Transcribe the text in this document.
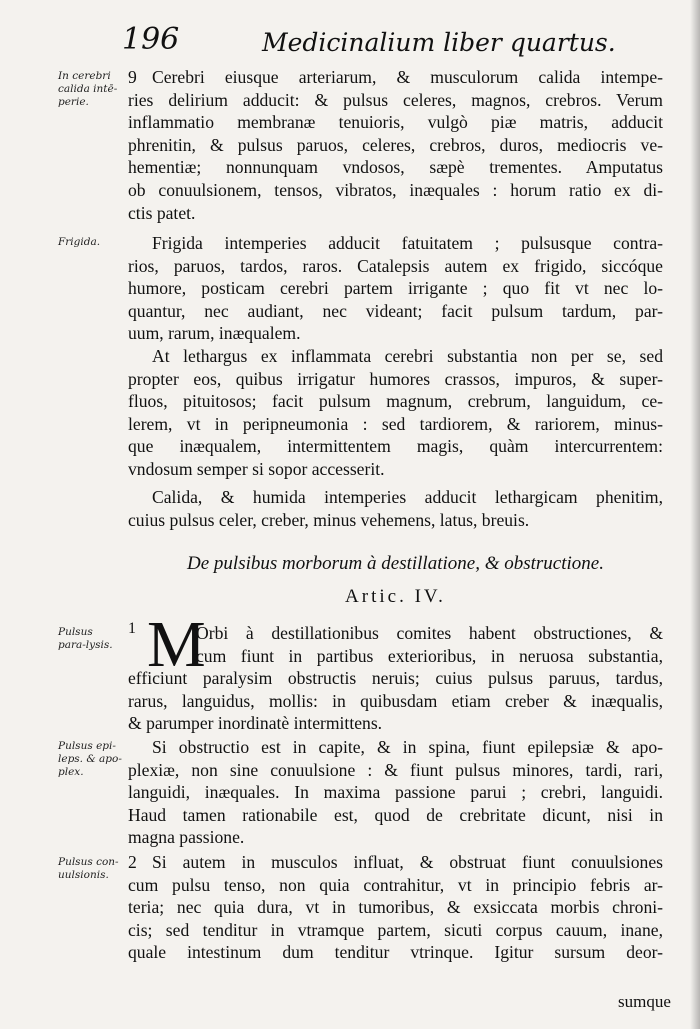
196	Medicinalium liber quartus.
In cerebri calida intē-perie.
Frigida.
Pulsus para-lysis.
Pulsus epi-leps. & apo-plex.
Pulsus con-uulsionis.
9 Cerebri eiusque arteriarum, & musculorum calida intempe-
ries delirium adducit: & pulsus celeres, magnos, crebros. Verum
inflammatio membranæ tenuioris, vulgò piæ matris, adducit
phrenitin, & pulsus paruos, celeres, crebros, duros, mediocris ve-
hementiæ; nonnunquam vndosos, sæpè trementes. Amputatus
ob conuulsionem, tensos, vibratos, inæquales : horum ratio ex di-
ctis patet.
Frigida intemperies adducit fatuitatem ; pulsusque contra-
rios, paruos, tardos, raros. Catalepsis autem ex frigido, siccóque
humore, posticam cerebri partem irrigante ; quo fit vt nec lo-
quantur, nec audiant, nec videant; facit pulsum tardum, par-
uum, rarum, inæqualem.
At lethargus ex inflammata cerebri substantia non per se, sed
propter eos, quibus irrigatur humores crassos, impuros, & super-
fluos, pituitosos; facit pulsum magnum, crebrum, languidum, ce-
lerem, vt in peripneumonia : sed tardiorem, & rariorem, minus-
que inæqualem, intermittentem magis, quàm intercurrentem:
vndosum semper si sopor accesserit.
Calida, & humida intemperies adducit lethargicam phenitim,
cuius pulsus celer, creber, minus vehemens, latus, breuis.
De pulsibus morborum à destillatione, & obstructione.
Artic. IV.
1 M
Orbi à destillationibus comites habent obstructiones, &
cum fiunt in partibus exterioribus, in neruosa substantia,
efficiunt paralysim obstructis neruis; cuius pulsus paruus, tardus,
rarus, languidus, mollis: in quibusdam etiam creber & inæqualis,
& parumper inordinatè intermittens.
Si obstructio est in capite, & in spina, fiunt epilepsiæ & apo-
plexiæ, non sine conuulsione : & fiunt pulsus minores, tardi, rari,
languidi, inæquales. In maxima passione parui ; crebri, languidi.
Haud tamen rationabile est, quod de crebritate dicunt, nisi in
magna passione.
2 Si autem in musculos influat, & obstruat fiunt conuulsiones
cum pulsu tenso, non quia contrahitur, vt in principio febris ar-
teria; nec quia dura, vt in tumoribus, & exsiccata morbis chroni-
cis; sed tenditur in vtramque partem, sicuti corpus cauum, inane,
quale intestinum dum tenditur vtrinque. Igitur sursum deor-
sumque
